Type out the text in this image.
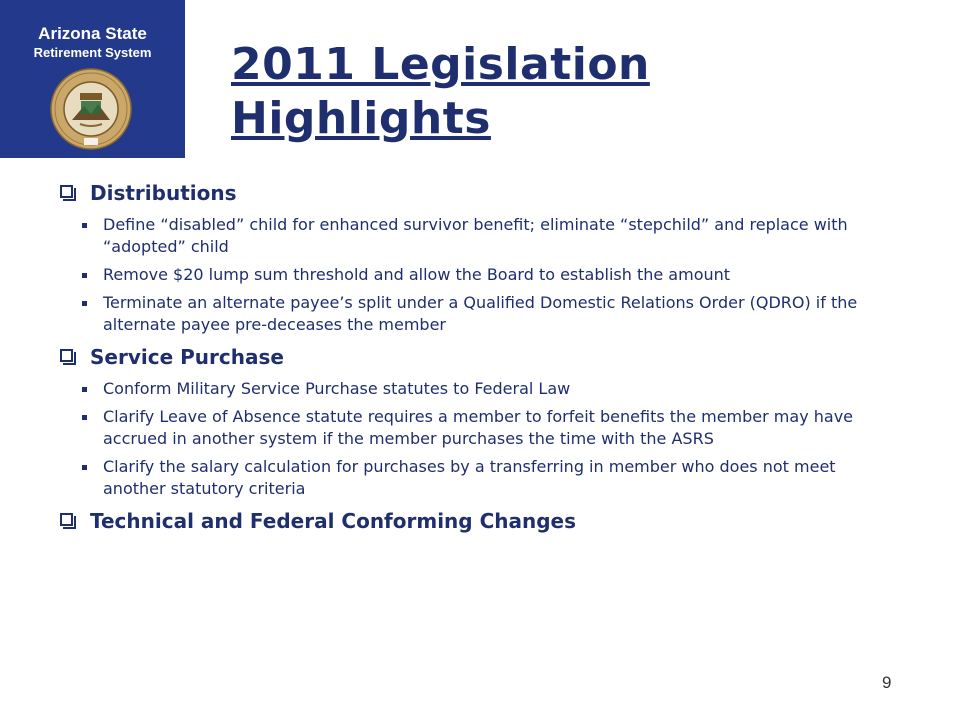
Arizona State
Retirement System	2011 Legislation
Highlights
Distributions
Define “disabled” child for enhanced survivor benefit; eliminate “stepchild” and replace with “adopted” child
Remove $20 lump sum threshold and allow the Board to establish the amount
Terminate an alternate payee’s split under a Qualified Domestic Relations Order (QDRO) if the alternate payee pre-deceases the member
Service Purchase
Conform Military Service Purchase statutes to Federal Law
Clarify Leave of Absence statute requires a member to forfeit benefits the member may have accrued in another system if the member purchases the time with the ASRS
Clarify the salary calculation for purchases by a transferring in member who does not meet another statutory criteria
Technical and Federal Conforming Changes
9
